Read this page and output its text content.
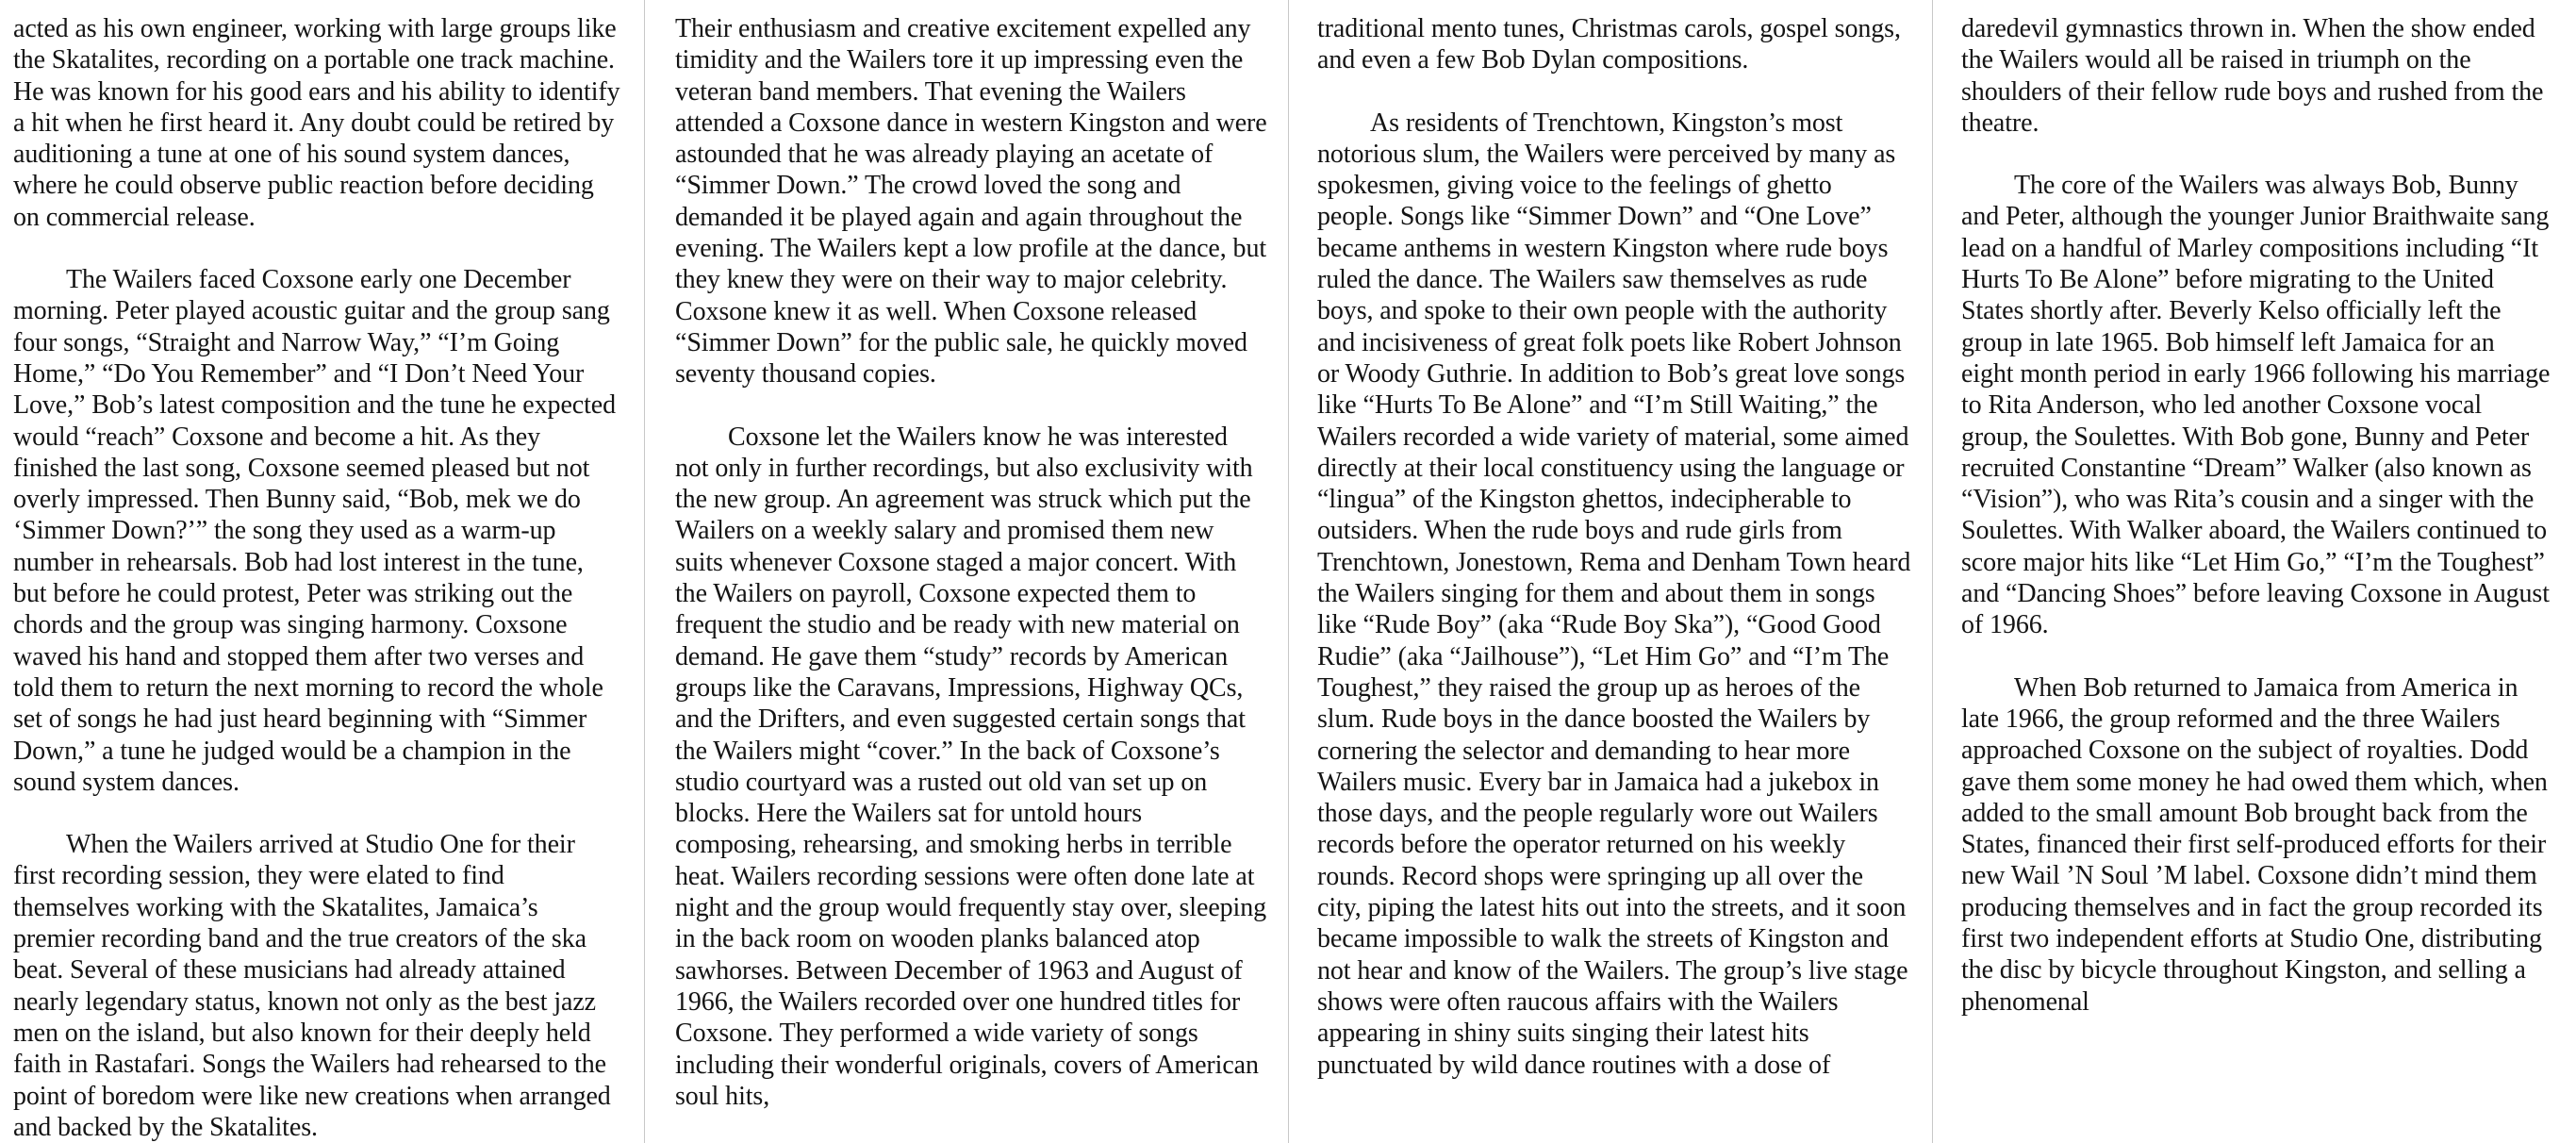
acted as his own engineer, working with large groups like the Skatalites, recording on a portable one track machine. He was known for his good ears and his ability to identify a hit when he first heard it. Any doubt could be retired by auditioning a tune at one of his sound system dances, where he could observe public reaction before deciding on commercial release.

The Wailers faced Coxsone early one December morning. Peter played acoustic guitar and the group sang four songs, “Straight and Narrow Way,” “I’m Going Home,” “Do You Remember” and “I Don’t Need Your Love,” Bob’s latest composition and the tune he expected would “reach” Coxsone and become a hit. As they finished the last song, Coxsone seemed pleased but not overly impressed. Then Bunny said, “Bob, mek we do ‘Simmer Down?’” the song they used as a warm-up number in rehearsals. Bob had lost interest in the tune, but before he could protest, Peter was striking out the chords and the group was singing harmony. Coxsone waved his hand and stopped them after two verses and told them to return the next morning to record the whole set of songs he had just heard beginning with “Simmer Down,” a tune he judged would be a champion in the sound system dances.

When the Wailers arrived at Studio One for their first recording session, they were elated to find themselves working with the Skatalites, Jamaica’s premier recording band and the true creators of the ska beat. Several of these musicians had already attained nearly legendary status, known not only as the best jazz men on the island, but also known for their deeply held faith in Rastafari. Songs the Wailers had rehearsed to the point of boredom were like new creations when arranged and backed by the Skatalites.

Their enthusiasm and creative excitement expelled any timidity and the Wailers tore it up impressing even the veteran band members. That evening the Wailers attended a Coxsone dance in western Kingston and were astounded that he was already playing an acetate of “Simmer Down.” The crowd loved the song and demanded it be played again and again throughout the evening. The Wailers kept a low profile at the dance, but they knew they were on their way to major celebrity. Coxsone knew it as well. When Coxsone released “Simmer Down” for the public sale, he quickly moved seventy thousand copies.

Coxsone let the Wailers know he was interested not only in further recordings, but also exclusivity with the new group. An agreement was struck which put the Wailers on a weekly salary and promised them new suits whenever Coxsone staged a major concert. With the Wailers on payroll, Coxsone expected them to frequent the studio and be ready with new material on demand. He gave them “study” records by American groups like the Caravans, Impressions, Highway QCs, and the Drifters, and even suggested certain songs that the Wailers might “cover.” In the back of Coxsone’s studio courtyard was a rusted out old van set up on blocks. Here the Wailers sat for untold hours composing, rehearsing, and smoking herbs in terrible heat. Wailers recording sessions were often done late at night and the group would frequently stay over, sleeping in the back room on wooden planks balanced atop sawhorses. Between December of 1963 and August of 1966, the Wailers recorded over one hundred titles for Coxsone. They performed a wide variety of songs including their wonderful originals, covers of American soul hits,

traditional mento tunes, Christmas carols, gospel songs, and even a few Bob Dylan compositions.

As residents of Trenchtown, Kingston’s most notorious slum, the Wailers were perceived by many as spokesmen, giving voice to the feelings of ghetto people. Songs like “Simmer Down” and “One Love” became anthems in western Kingston where rude boys ruled the dance. The Wailers saw themselves as rude boys, and spoke to their own people with the authority and incisiveness of great folk poets like Robert Johnson or Woody Guthrie. In addition to Bob’s great love songs like “Hurts To Be Alone” and “I’m Still Waiting,” the Wailers recorded a wide variety of material, some aimed directly at their local constituency using the language or “lingua” of the Kingston ghettos, indecipherable to outsiders. When the rude boys and rude girls from Trenchtown, Jonestown, Rema and Denham Town heard the Wailers singing for them and about them in songs like “Rude Boy” (aka “Rude Boy Ska”), “Good Good Rudie” (aka “Jailhouse”), “Let Him Go” and “I’m The Toughest,” they raised the group up as heroes of the slum. Rude boys in the dance boosted the Wailers by cornering the selector and demanding to hear more Wailers music. Every bar in Jamaica had a jukebox in those days, and the people regularly wore out Wailers records before the operator returned on his weekly rounds. Record shops were springing up all over the city, piping the latest hits out into the streets, and it soon became impossible to walk the streets of Kingston and not hear and know of the Wailers. The group’s live stage shows were often raucous affairs with the Wailers appearing in shiny suits singing their latest hits punctuated by wild dance routines with a dose of

daredevil gymnastics thrown in. When the show ended the Wailers would all be raised in triumph on the shoulders of their fellow rude boys and rushed from the theatre.

The core of the Wailers was always Bob, Bunny and Peter, although the younger Junior Braithwaite sang lead on a handful of Marley compositions including “It Hurts To Be Alone” before migrating to the United States shortly after. Beverly Kelso officially left the group in late 1965. Bob himself left Jamaica for an eight month period in early 1966 following his marriage to Rita Anderson, who led another Coxsone vocal group, the Soulettes. With Bob gone, Bunny and Peter recruited Constantine “Dream” Walker (also known as “Vision”), who was Rita’s cousin and a singer with the Soulettes. With Walker aboard, the Wailers continued to score major hits like “Let Him Go,” “I’m the Toughest” and “Dancing Shoes” before leaving Coxsone in August of 1966.

When Bob returned to Jamaica from America in late 1966, the group reformed and the three Wailers approached Coxsone on the subject of royalties. Dodd gave them some money he had owed them which, when added to the small amount Bob brought back from the States, financed their first self-produced efforts for their new Wail ’N Soul ’M label. Coxsone didn’t mind them producing themselves and in fact the group recorded its first two independent efforts at Studio One, distributing the disc by bicycle throughout Kingston, and selling a phenomenal
